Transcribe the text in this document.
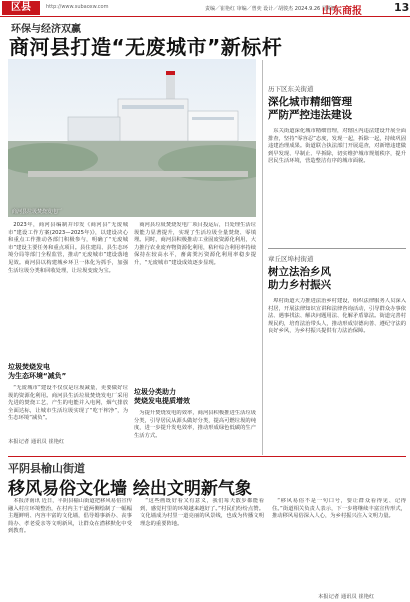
区县	http://www.subaoxw.com	责编／崔艳红 审编／曾奕 设计／胡骏杰 2024.9.26 星期四
山东商报	13
环保与经济双赢
商河县打造“无废城市”新标杆
商河县垃圾焚烧发电厂

2023年，商河县编制并印发《商河县“无废城市”建设工作方案(2023—2025年)》，以建设决心和重点工作推动各部门积极参与，明确了“无废城市”建设主要任务和重点项目。县住建局、县生态环境分局等部门全程监管，推动“无废城市”建设落地见效。商河县以构建城乡环卫一体化为抓手，加强生活垃圾分类和回收处理，让垃圾变废为宝。

商河县垃圾焚烧发电厂项目投运后，日处理生活垃圾能力显著提升，实现了生活垃圾全量焚烧、零填埋。同时，商河县积极推动工业固废资源化利用，大力推行农业废弃物资源化利用，秸秆综合利用率持续保持在较高水平，畜禽粪污资源化利用率稳步提升，“无废城市”建设成效逐步显现。

垃圾焚烧发电
为生态环境“减负”

“无废城市”建设不仅仅是垃圾减量，更要做好垃圾的资源化利用。商河县生活垃圾焚烧发电厂采用先进的焚烧工艺，产生的电能并入电网，烟气排放全面达标，让城市生活垃圾实现了“吃干榨净”，为生态环境“减负”。

本报记者 通讯员 崔艳红
垃圾分类助力
焚烧发电提质增效

为提升焚烧发电的效率，商河县积极推进生活垃圾分类，引导居民从源头做好分类，提高可燃垃圾的纯度，进一步提升发电效率，推动形成绿色低碳的生产生活方式。

历下区东关街道
深化城市精细管理
严防严控违法建设

东关街道深化城市精细管理，对辖区内违法建设开展全面排查，坚持“零容忍”态度，发现一起，拆除一起，持续巩固违建治理成果。街道联合执法部门开展巡查，对新增违建做到早发现、早制止、早拆除，切实维护城市规划秩序，提升居民生活环境，营造整洁有序的城市面貌。

章丘区埠村街道
树立法治乡风
助力乡村振兴

埠村街道大力推进法治乡村建设，组织法律服务人员深入村居，开展法律知识宣讲和法律咨询活动，引导群众办事依法、遇事找法、解决问题用法、化解矛盾靠法。街道完善村规民约，培育法治带头人，推动形成崇德向善、遵纪守法的良好乡风，为乡村振兴提供有力法治保障。

平阴县榆山街道
移风易俗文化墙 绘出文明新气象

本报济南讯 近日，平阴县榆山街道把移风易俗宣传融入村庄环境整治，在村内主干道两侧绘制了一幅幅主题鲜明、内容丰富的文化墙，倡导婚事新办、丧事简办、孝老爱亲等文明新风，让群众在潜移默化中受到教育。

“这些画既好看又有意义，我们每天散步都能看到，感觉村里的环境越来越好了。”村民们纷纷点赞。文化墙成为村里一道亮丽的风景线，也成为传播文明理念的重要阵地。

“移风易俗不是一句口号，要让群众看得见、记得住。”街道相关负责人表示，下一步将继续丰富宣传形式，推动移风易俗深入人心，为乡村振兴注入文明力量。

本报记者 通讯员 崔艳红
